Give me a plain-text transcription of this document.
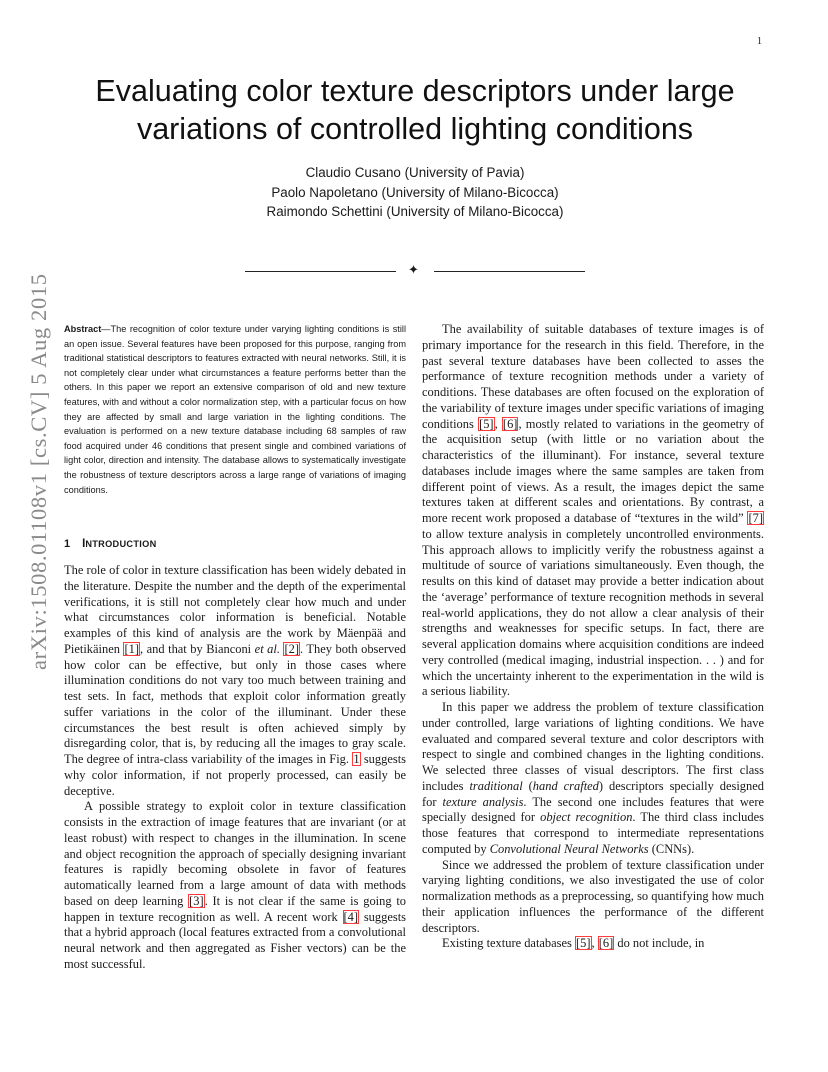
1
arXiv:1508.01108v1 [cs.CV] 5 Aug 2015
Evaluating color texture descriptors under large variations of controlled lighting conditions
Claudio Cusano (University of Pavia)
Paolo Napoletano (University of Milano-Bicocca)
Raimondo Schettini (University of Milano-Bicocca)
✦

Abstract—The recognition of color texture under varying lighting conditions is still an open issue. Several features have been proposed for this purpose, ranging from traditional statistical descriptors to features extracted with neural networks. Still, it is not completely clear under what circumstances a feature performs better than the others. In this paper we report an extensive comparison of old and new texture features, with and without a color normalization step, with a particular focus on how they are affected by small and large variation in the lighting conditions. The evaluation is performed on a new texture database including 68 samples of raw food acquired under 46 conditions that present single and combined variations of light color, direction and intensity. The database allows to systematically investigate the robustness of texture descriptors across a large range of variations of imaging conditions.

1 INTRODUCTION

The role of color in texture classification has been widely debated in the literature. Despite the number and the depth of the experimental verifications, it is still not completely clear how much and under what circumstances color information is beneficial. Notable examples of this kind of analysis are the work by Mäenpää and Pietikäinen [1], and that by Bianconi et al. [2]. They both observed how color can be effective, but only in those cases where illumination conditions do not vary too much between training and test sets. In fact, methods that exploit color information greatly suffer variations in the color of the illuminant. Under these circumstances the best result is often achieved simply by disregarding color, that is, by reducing all the images to gray scale. The degree of intra-class variability of the images in Fig. 1 suggests why color information, if not properly processed, can easily be deceptive.

A possible strategy to exploit color in texture classification consists in the extraction of image features that are invariant (or at least robust) with respect to changes in the illumination. In scene and object recognition the approach of specially designing invariant features is rapidly becoming obsolete in favor of features automatically learned from a large amount of data with methods based on deep learning [3]. It is not clear if the same is going to happen in texture recognition as well. A recent work [4] suggests that a hybrid approach (local features extracted from a convolutional neural network and then aggregated as Fisher vectors) can be the most successful.

The availability of suitable databases of texture images is of primary importance for the research in this field. Therefore, in the past several texture databases have been collected to asses the performance of texture recognition methods under a variety of conditions. These databases are often focused on the exploration of the variability of texture images under specific variations of imaging conditions [5], [6], mostly related to variations in the geometry of the acquisition setup (with little or no variation about the characteristics of the illuminant). For instance, several texture databases include images where the same samples are taken from different point of views. As a result, the images depict the same textures taken at different scales and orientations. By contrast, a more recent work proposed a database of “textures in the wild” [7] to allow texture analysis in completely uncontrolled environments. This approach allows to implicitly verify the robustness against a multitude of source of variations simultaneously. Even though, the results on this kind of dataset may provide a better indication about the ‘average’ performance of texture recognition methods in several real-world applications, they do not allow a clear analysis of their strengths and weaknesses for specific setups. In fact, there are several application domains where acquisition conditions are indeed very controlled (medical imaging, industrial inspection. . . ) and for which the uncertainty inherent to the experimentation in the wild is a serious liability.

In this paper we address the problem of texture classification under controlled, large variations of lighting conditions. We have evaluated and compared several texture and color descriptors with respect to single and combined changes in the lighting conditions. We selected three classes of visual descriptors. The first class includes traditional (hand crafted) descriptors specially designed for texture analysis. The second one includes features that were specially designed for object recognition. The third class includes those features that correspond to intermediate representations computed by Convolutional Neural Networks (CNNs).

Since we addressed the problem of texture classification under varying lighting conditions, we also investigated the use of color normalization methods as a preprocessing, so quantifying how much their application influences the performance of the different descriptors.

Existing texture databases [5], [6] do not include, in
